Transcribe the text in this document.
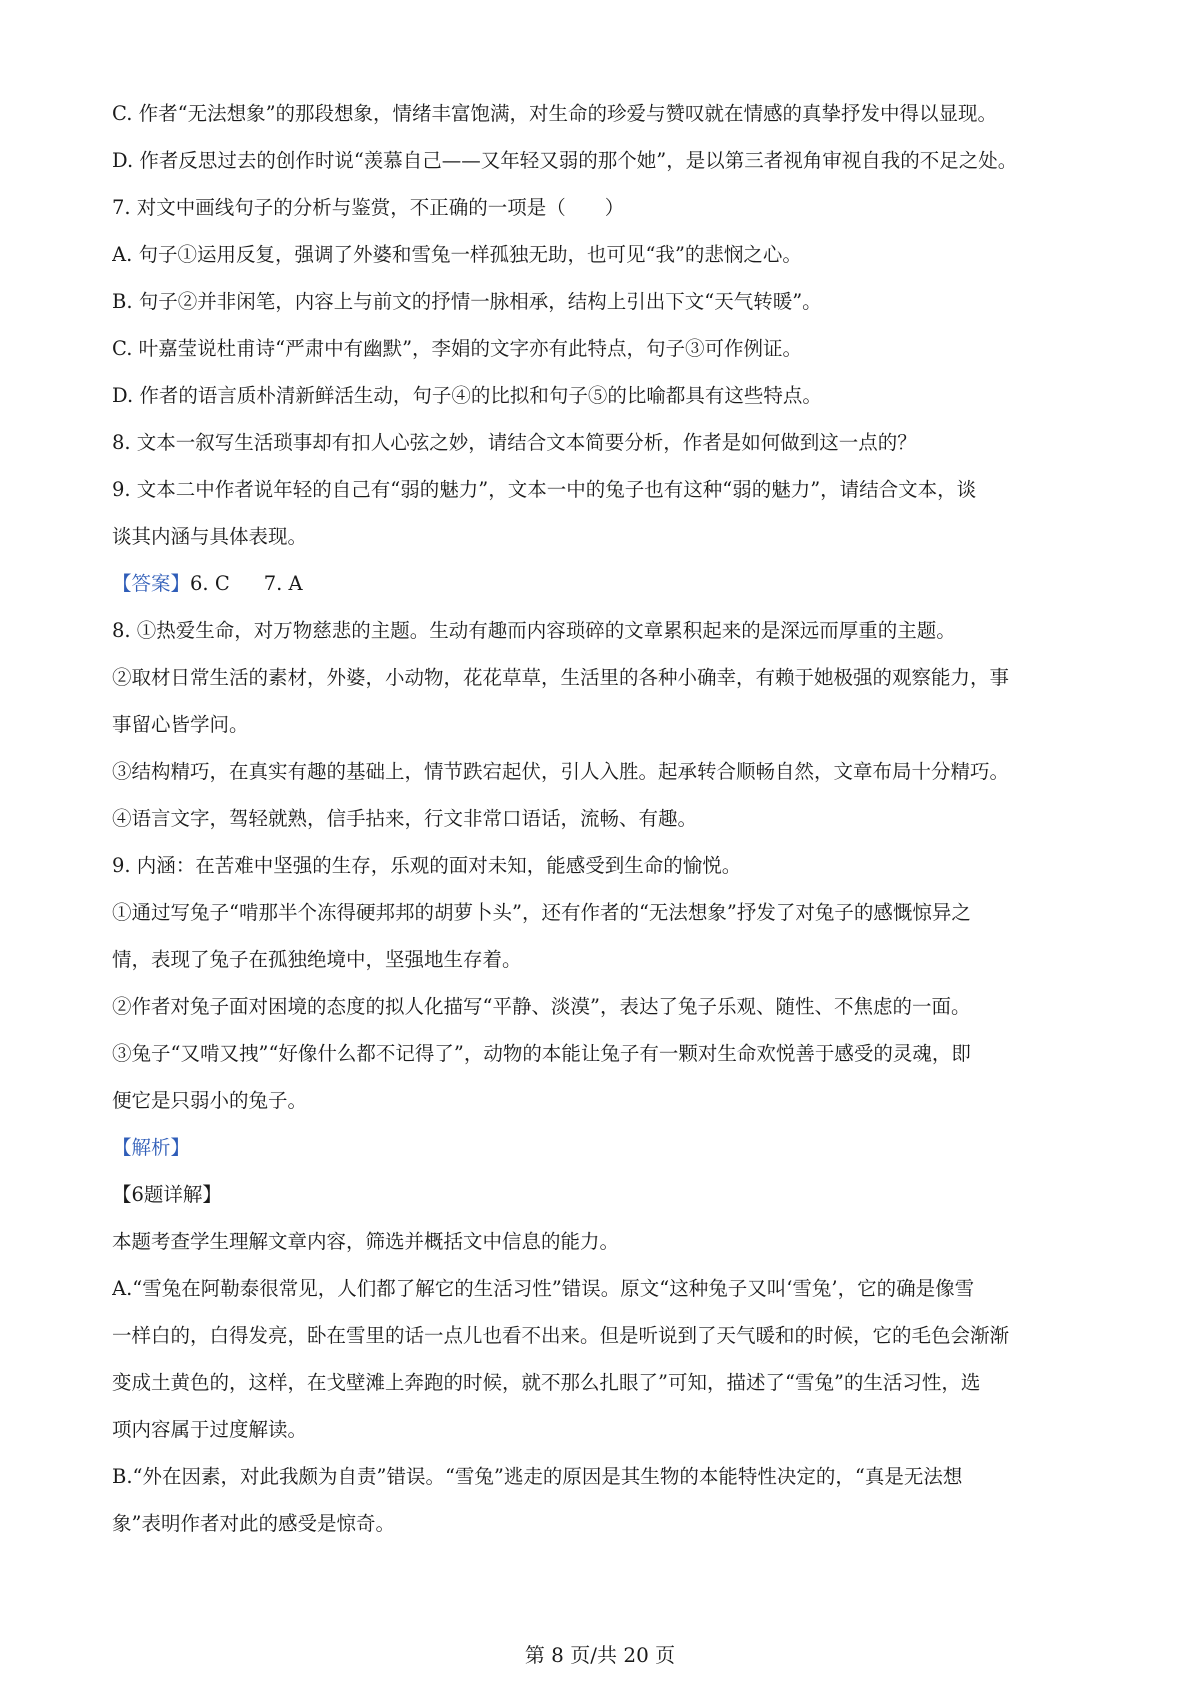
C. 作者“无法想象”的那段想象，情绪丰富饱满，对生命的珍爱与赞叹就在情感的真挚抒发中得以显现。
D. 作者反思过去的创作时说“羡慕自己——又年轻又弱的那个她”，是以第三者视角审视自我的不足之处。
7. 对文中画线句子的分析与鉴赏，不正确的一项是（　　）
A. 句子①运用反复，强调了外婆和雪兔一样孤独无助，也可见“我”的悲悯之心。
B. 句子②并非闲笔，内容上与前文的抒情一脉相承，结构上引出下文“天气转暖”。
C. 叶嘉莹说杜甫诗“严肃中有幽默”，李娟的文字亦有此特点，句子③可作例证。
D. 作者的语言质朴清新鲜活生动，句子④的比拟和句子⑤的比喻都具有这些特点。
8. 文本一叙写生活琐事却有扣人心弦之妙，请结合文本简要分析，作者是如何做到这一点的？
9. 文本二中作者说年轻的自己有“弱的魅力”，文本一中的兔子也有这种“弱的魅力”，请结合文本，谈
谈其内涵与具体表现。
【答案】6. C 7. A
8. ①热爱生命，对万物慈悲的主题。生动有趣而内容琐碎的文章累积起来的是深远而厚重的主题。
②取材日常生活的素材，外婆，小动物，花花草草，生活里的各种小确幸，有赖于她极强的观察能力，事
事留心皆学问。
③结构精巧，在真实有趣的基础上，情节跌宕起伏，引人入胜。起承转合顺畅自然，文章布局十分精巧。
④语言文字，驾轻就熟，信手拈来，行文非常口语话，流畅、有趣。
9. 内涵：在苦难中坚强的生存，乐观的面对未知，能感受到生命的愉悦。
①通过写兔子“啃那半个冻得硬邦邦的胡萝卜头”，还有作者的“无法想象”抒发了对兔子的感慨惊异之
情，表现了兔子在孤独绝境中，坚强地生存着。
②作者对兔子面对困境的态度的拟人化描写“平静、淡漠”，表达了兔子乐观、随性、不焦虑的一面。
③兔子“又啃又拽”“好像什么都不记得了”，动物的本能让兔子有一颗对生命欢悦善于感受的灵魂，即
便它是只弱小的兔子。
【解析】
【6题详解】
本题考查学生理解文章内容，筛选并概括文中信息的能力。
A.“雪兔在阿勒泰很常见，人们都了解它的生活习性”错误。原文“这种兔子又叫‘雪兔’，它的确是像雪
一样白的，白得发亮，卧在雪里的话一点儿也看不出来。但是听说到了天气暖和的时候，它的毛色会渐渐
变成土黄色的，这样，在戈壁滩上奔跑的时候，就不那么扎眼了”可知，描述了“雪兔”的生活习性，选
项内容属于过度解读。
B.“外在因素，对此我颇为自责”错误。“雪兔”逃走的原因是其生物的本能特性决定的，“真是无法想
象”表明作者对此的感受是惊奇。
第 8 页/共 20 页
